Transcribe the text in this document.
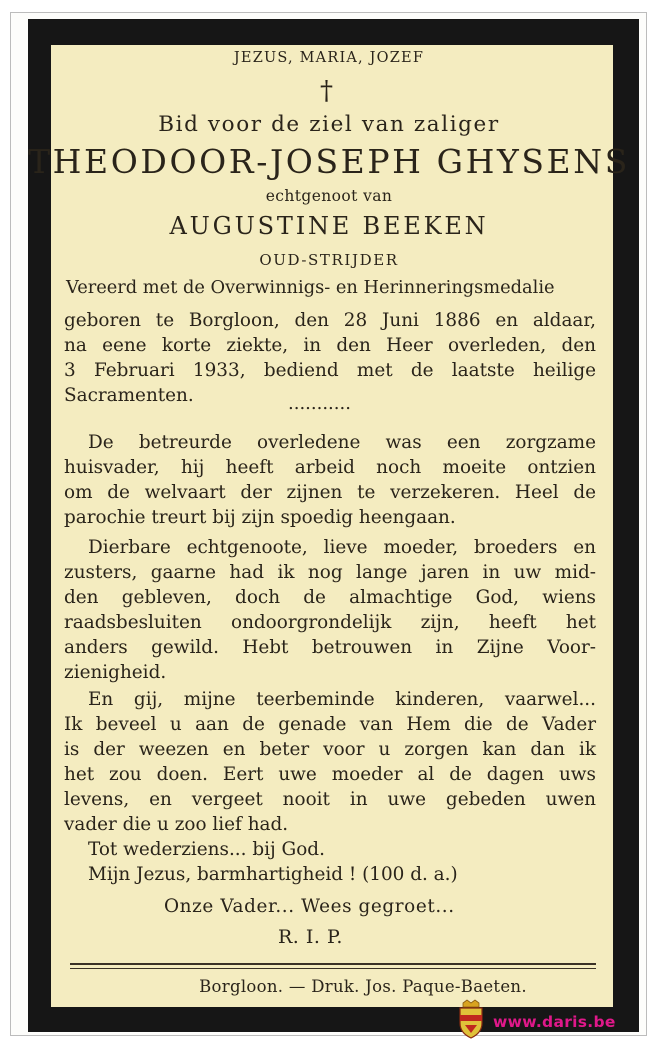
JEZUS, MARIA, JOZEF
†
Bid voor de ziel van zaliger
THEODOOR-JOSEPH GHYSENS
echtgenoot van
AUGUSTINE BEEKEN
OUD-STRIJDER
Vereerd met de Overwinnigs- en Herinneringsmedalie
geboren te Borgloon, den 28 Juni 1886 en aldaar,
na eene korte ziekte, in den Heer overleden, den
3 Februari 1933, bediend met de laatste heilige
Sacramenten.	...........
De betreurde overledene was een zorgzame
huisvader, hij heeft arbeid noch moeite ontzien
om de welvaart der zijnen te verzekeren. Heel de
parochie treurt bij zijn spoedig heengaan.
Dierbare echtgenoote, lieve moeder, broeders en
zusters, gaarne had ik nog lange jaren in uw mid-
den gebleven, doch de almachtige God, wiens
raadsbesluiten ondoorgrondelijk zijn, heeft het
anders gewild. Hebt betrouwen in Zijne Voor-
zienigheid.
En gij, mijne teerbeminde kinderen, vaarwel...
Ik beveel u aan de genade van Hem die de Vader
is der weezen en beter voor u zorgen kan dan ik
het zou doen. Eert uwe moeder al de dagen uws
levens, en vergeet nooit in uwe gebeden uwen
vader die u zoo lief had.
Tot wederziens... bij God.
Mijn Jezus, barmhartigheid ! (100 d. a.)
Onze Vader... Wees gegroet...
R. I. P.
Borgloon. — Druk. Jos. Paque-Baeten.
www.daris.be
